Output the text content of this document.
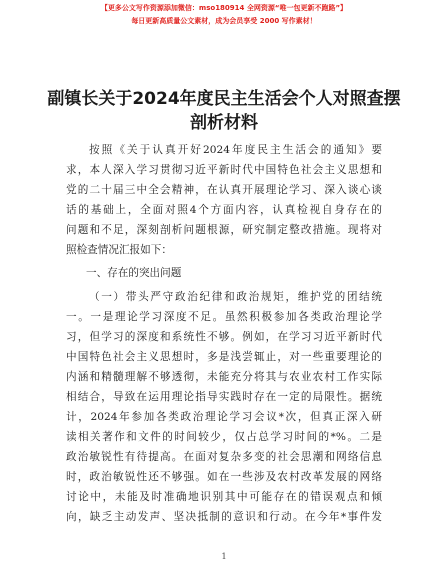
【更多公文写作资源添加微信：mso180914 全网资源“唯一包更新不跑路”】
每日更新高质量公文素材，成为会员享受 2000 写作素材！
副镇长关于2024年度民主生活会个人对照查摆
剖析材料
按照《关于认真开好2024年度民主生活会的通知》要
求，本人深入学习贯彻习近平新时代中国特色社会主义思想和
党的二十届三中全会精神，在认真开展理论学习、深入谈心谈
话的基础上，全面对照4个方面内容，认真检视自身存在的
问题和不足，深刻剖析问题根源，研究制定整改措施。现将对
照检查情况汇报如下：
一、存在的突出问题
（一）带头严守政治纪律和政治规矩，维护党的团结统
一。一是理论学习深度不足。虽然积极参加各类政治理论学
习，但学习的深度和系统性不够。例如，在学习习近平新时代
中国特色社会主义思想时，多是浅尝辄止，对一些重要理论的
内涵和精髓理解不够透彻，未能充分将其与农业农村工作实际
相结合，导致在运用理论指导实践时存在一定的局限性。据统
计，2024年参加各类政治理论学习会议*次，但真正深入研
读相关著作和文件的时间较少，仅占总学习时间的*%。二是
政治敏锐性有待提高。在面对复杂多变的社会思潮和网络信息
时，政治敏锐性还不够强。如在一些涉及农村改革发展的网络
讨论中，未能及时准确地识别其中可能存在的错误观点和倾
向，缺乏主动发声、坚决抵制的意识和行动。在今年*事件发
1
